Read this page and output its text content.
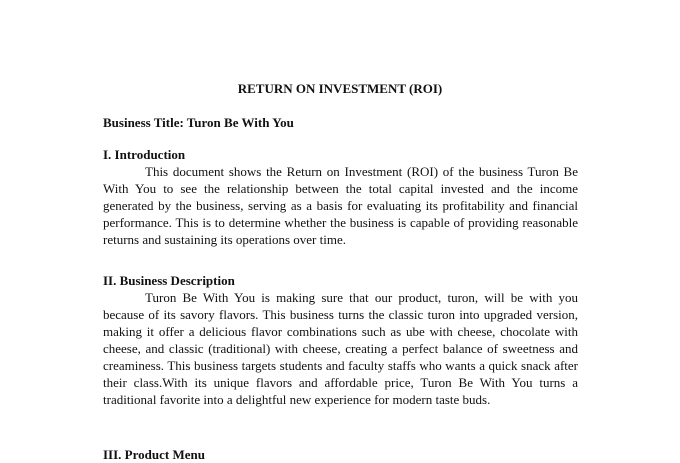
RETURN ON INVESTMENT (ROI)

Business Title: Turon Be With You

I. Introduction

This document shows the Return on Investment (ROI) of the business Turon Be With You to see the relationship between the total capital invested and the income generated by the business, serving as a basis for evaluating its profitability and financial performance. This is to determine whether the business is capable of providing reasonable returns and sustaining its operations over time.

II. Business Description

Turon Be With You is making sure that our product, turon, will be with you because of its savory flavors. This business turns the classic turon into upgraded version, making it offer a delicious flavor combinations such as ube with cheese, chocolate with cheese, and classic (traditional) with cheese, creating a perfect balance of sweetness and creaminess. This business targets students and faculty staffs who wants a quick snack after their class.With its unique flavors and affordable price, Turon Be With You turns a traditional favorite into a delightful new experience for modern taste buds.

III. Product Menu
